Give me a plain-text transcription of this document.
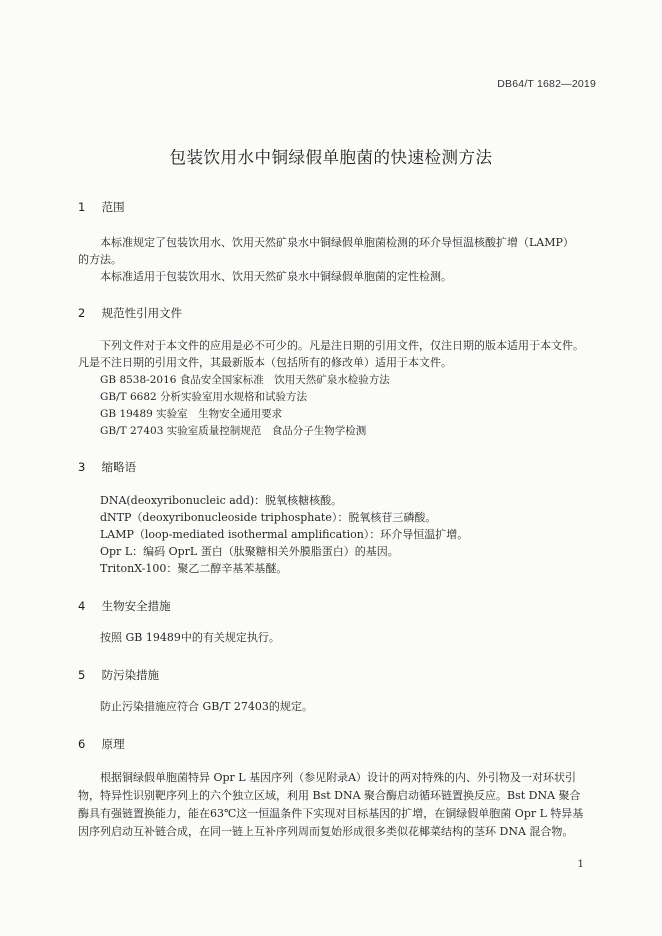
DB64/T 1682—2019
包装饮用水中铜绿假单胞菌的快速检测方法
1 范围
本标准规定了包装饮用水、饮用天然矿泉水中铜绿假单胞菌检测的环介导恒温核酸扩增（LAMP）
的方法。
本标准适用于包装饮用水、饮用天然矿泉水中铜绿假单胞菌的定性检测。
2 规范性引用文件
下列文件对于本文件的应用是必不可少的。凡是注日期的引用文件，仅注日期的版本适用于本文件。
凡是不注日期的引用文件，其最新版本（包括所有的修改单）适用于本文件。
GB 8538-2016 食品安全国家标准　饮用天然矿泉水检验方法
GB/T 6682 分析实验室用水规格和试验方法
GB 19489 实验室　生物安全通用要求
GB/T 27403 实验室质量控制规范　食品分子生物学检测
3 缩略语
DNA(deoxyribonucleic add)：脱氧核糖核酸。
dNTP（deoxyribonucleoside triphosphate）：脱氧核苷三磷酸。
LAMP（loop-mediated isothermal amplification）：环介导恒温扩增。
Opr L：编码 OprL 蛋白（肽聚糖相关外膜脂蛋白）的基因。
TritonX-100：聚乙二醇辛基苯基醚。
4 生物安全措施
按照 GB 19489中的有关规定执行。
5 防污染措施
防止污染措施应符合 GB/T 27403的规定。
6 原理
根据铜绿假单胞菌特异 Opr L 基因序列（参见附录A）设计的两对特殊的内、外引物及一对环状引
物，特异性识别靶序列上的六个独立区域，利用 Bst DNA 聚合酶启动循环链置换反应。Bst DNA 聚合
酶具有强链置换能力，能在63℃这一恒温条件下实现对目标基因的扩增，在铜绿假单胞菌 Opr L 特异基
因序列启动互补链合成，在同一链上互补序列周而复始形成很多类似花椰菜结构的茎环 DNA 混合物。
1
